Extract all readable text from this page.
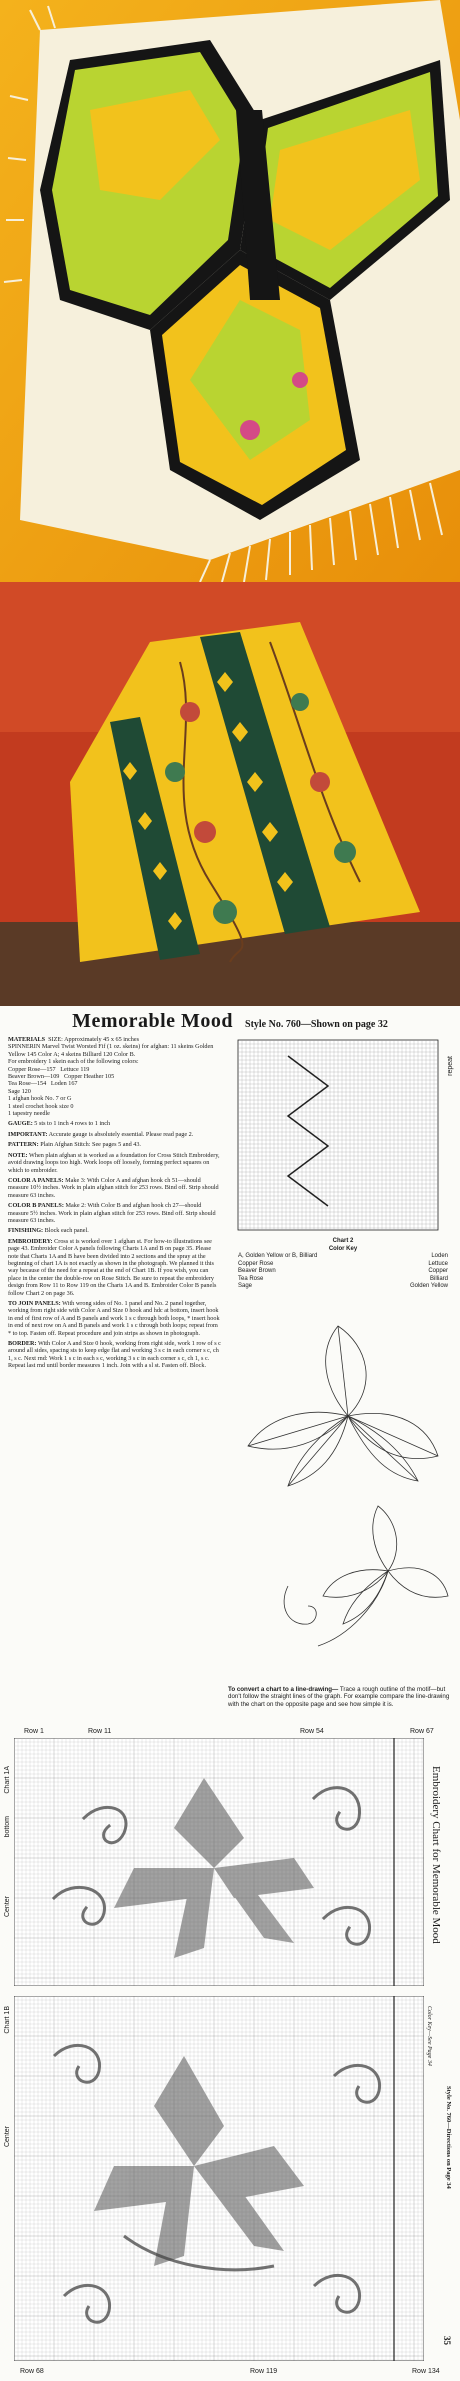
Memorable Mood Style No. 760—Shown on page 32

MATERIALS SIZE: Approximately 45 x 65 inches
SPINNERIN Marvel Twist Worsted Fif (1 oz. skeins) for afghan: 11 skeins Golden Yellow 145 Color A; 4 skeins Billiard 120 Color B.
For embroidery 1 skein each of the following colors:
Copper Rose—157 Lettuce 119
Beaver Brown—109 Copper Heather 105
Tea Rose—154 Loden 167
Sage 120
1 afghan hook No. 7 or G
1 steel crochet hook size 0
1 tapestry needle

GAUGE: 5 sts to 1 inch 4 rows to 1 inch

IMPORTANT: Accurate gauge is absolutely essential. Please read page 2.

PATTERN: Plain Afghan Stitch: See pages 5 and 43.

NOTE: When plain afghan st is worked as a foundation for Cross Stitch Embroidery, avoid drawing loops too high. Work loops off loosely, forming perfect squares on which to embroider.

COLOR A PANELS: Make 3: With Color A and afghan hook ch 51—should measure 10½ inches. Work in plain afghan stitch for 253 rows. Bind off. Strip should measure 63 inches.

COLOR B PANELS: Make 2: With Color B and afghan hook ch 27—should measure 5½ inches. Work in plain afghan stitch for 253 rows. Bind off. Strip should measure 63 inches.

FINISHING: Block each panel.

EMBROIDERY: Cross st is worked over 1 afghan st. For how-to illustrations see page 43. Embroider Color A panels following Charts 1A and B on page 35. Please note that Charts 1A and B have been divided into 2 sections and the spray at the beginning of chart 1A is not exactly as shown in the photograph. We planned it this way because of the need for a repeat at the end of Chart 1B. If you wish, you can place in the center the double-row on Rose Stitch. Be sure to repeat the embroidery design from Row 11 to Row 119 on the Charts 1A and B. Embroider Color B panels follow Chart 2 on page 36.

TO JOIN PANELS: With wrong sides of No. 1 panel and No. 2 panel together, working from right side with Color A and Size 0 hook and hdc at bottom, insert hook in end of first row of A and B panels and work 1 s c through both loops, * insert hook in end of next row on A and B panels and work 1 s c through both loops; repeat from * to top. Fasten off. Repeat procedure and join strips as shown in photograph.

BORDER: With Color A and Size 0 hook, working from right side, work 1 row of s c around all sides, spacing sts to keep edge flat and working 3 s c in each corner s c, ch 1, s c. Next rnd: Work 1 s c in each s c, working 3 s c in each corner s c, ch 1, s c. Repeat last rnd until border measures 1 inch. Join with a sl st. Fasten off. Block.

repeat
Chart 2
Color Key
A, Golden Yellow or B, Billiard	Loden
Copper Rose	Lettuce
Beaver Brown	Copper
Tea Rose	Billiard
Sage	Golden Yellow
To convert a chart to a line-drawing— Trace a rough outline of the motif—but don't follow the straight lines of the graph. For example compare the line-drawing with the chart on the opposite page and see how simple it is.
Row 1	Row 11	Row 54	Row 67
Chart 1A
bottom
Center
Chart 1B
Center
Row 68	Row 119	Row 134
Embroidery Chart for Memorable Mood
Style No. 760—Directions on Page 34
Color Key—See Page 34
35
